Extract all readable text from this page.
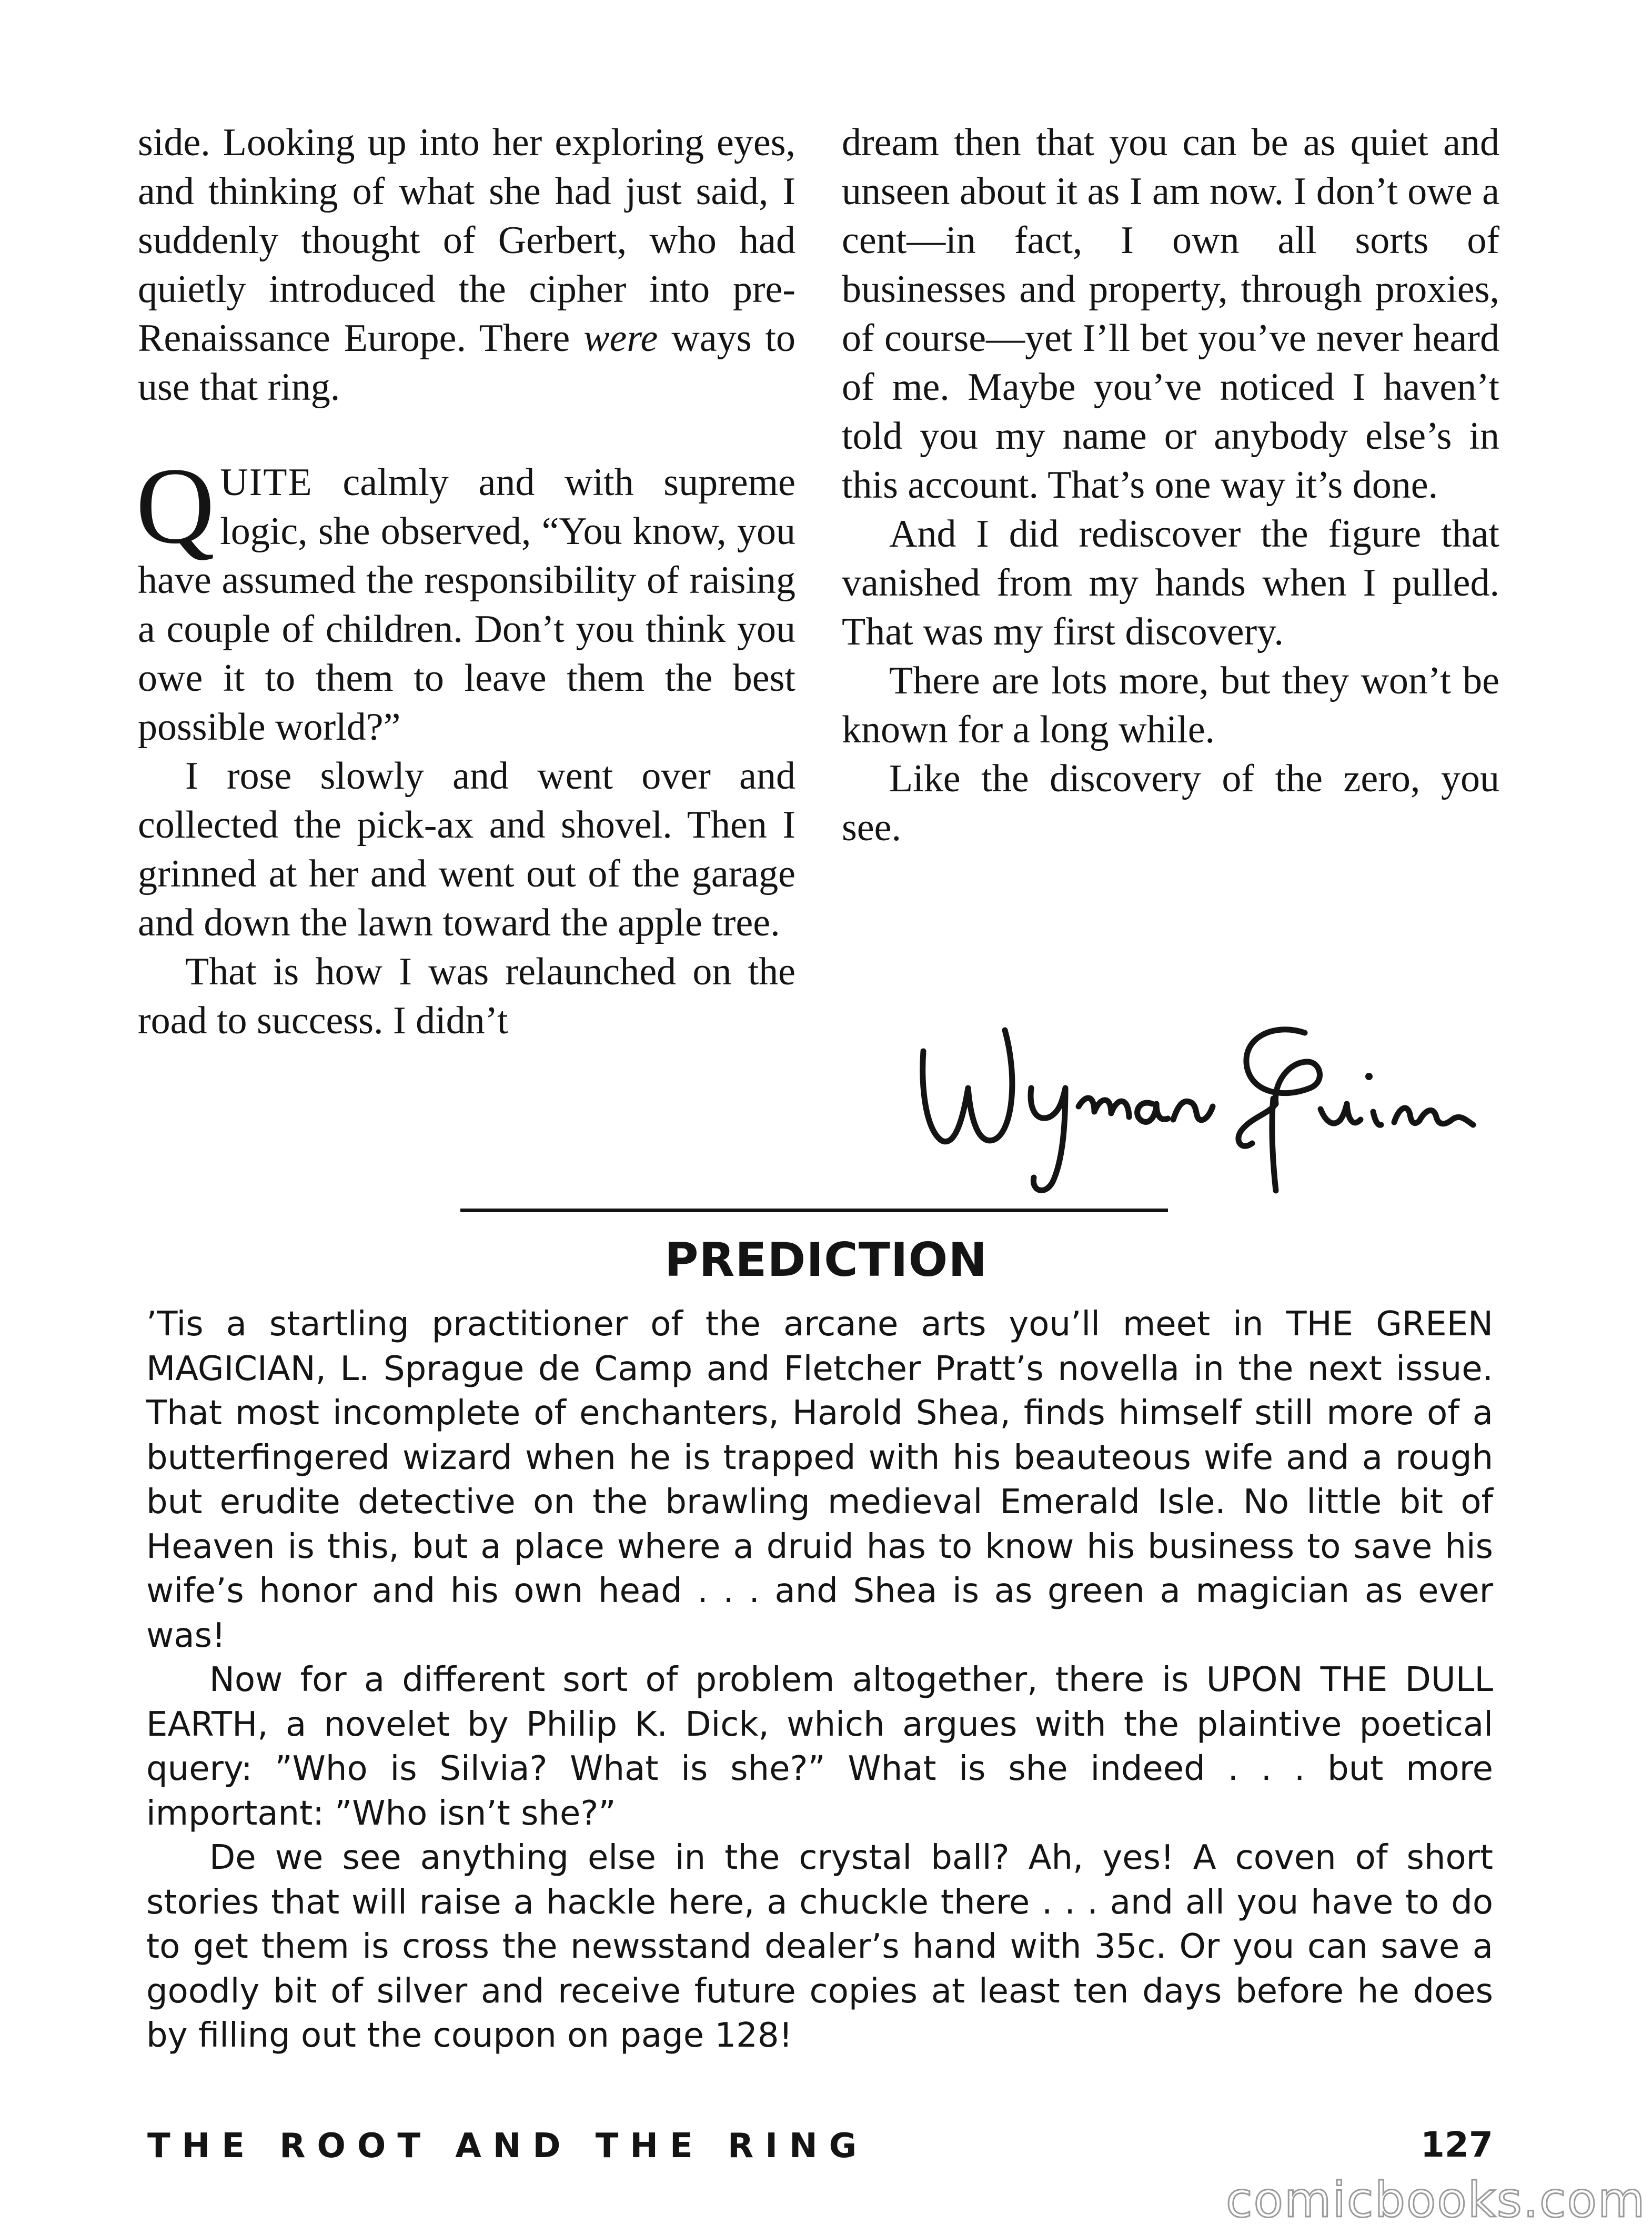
side. Looking up into her exploring eyes, and thinking of what she had just said, I suddenly thought of Gerbert, who had quietly introduced the cipher into pre-Renaissance Europe. There were ways to use that ring.

QUITE calmly and with supreme logic, she observed, “You know, you have assumed the responsibility of raising a couple of children. Don’t you think you owe it to them to leave them the best possible world?”

I rose slowly and went over and collected the pick-ax and shovel. Then I grinned at her and went out of the garage and down the lawn toward the apple tree.

That is how I was relaunched on the road to success. I didn’t

dream then that you can be as quiet and unseen about it as I am now. I don’t owe a cent—in fact, I own all sorts of businesses and property, through proxies, of course—yet I’ll bet you’ve never heard of me. Maybe you’ve noticed I haven’t told you my name or anybody else’s in this account. That’s one way it’s done.

And I did rediscover the figure that vanished from my hands when I pulled. That was my first discovery.

There are lots more, but they won’t be known for a long while.

Like the discovery of the zero, you see.

PREDICTION

’Tis a startling practitioner of the arcane arts you’ll meet in THE GREEN MAGICIAN, L. Sprague de Camp and Fletcher Pratt’s novella in the next issue. That most incomplete of enchanters, Harold Shea, finds himself still more of a butterfingered wizard when he is trapped with his beauteous wife and a rough but erudite detective on the brawling medieval Emerald Isle. No little bit of Heaven is this, but a place where a druid has to know his business to save his wife’s honor and his own head . . . and Shea is as green a magician as ever was!

Now for a different sort of problem altogether, there is UPON THE DULL EARTH, a novelet by Philip K. Dick, which argues with the plaintive poetical query: ”Who is Silvia? What is she?” What is she indeed . . . but more important: ”Who isn’t she?”

De we see anything else in the crystal ball? Ah, yes! A coven of short stories that will raise a hackle here, a chuckle there . . . and all you have to do to get them is cross the newsstand dealer’s hand with 35c. Or you can save a goodly bit of silver and receive future copies at least ten days before he does by filling out the coupon on page 128!

THE ROOT AND THE RING	127
comicbooks.com
